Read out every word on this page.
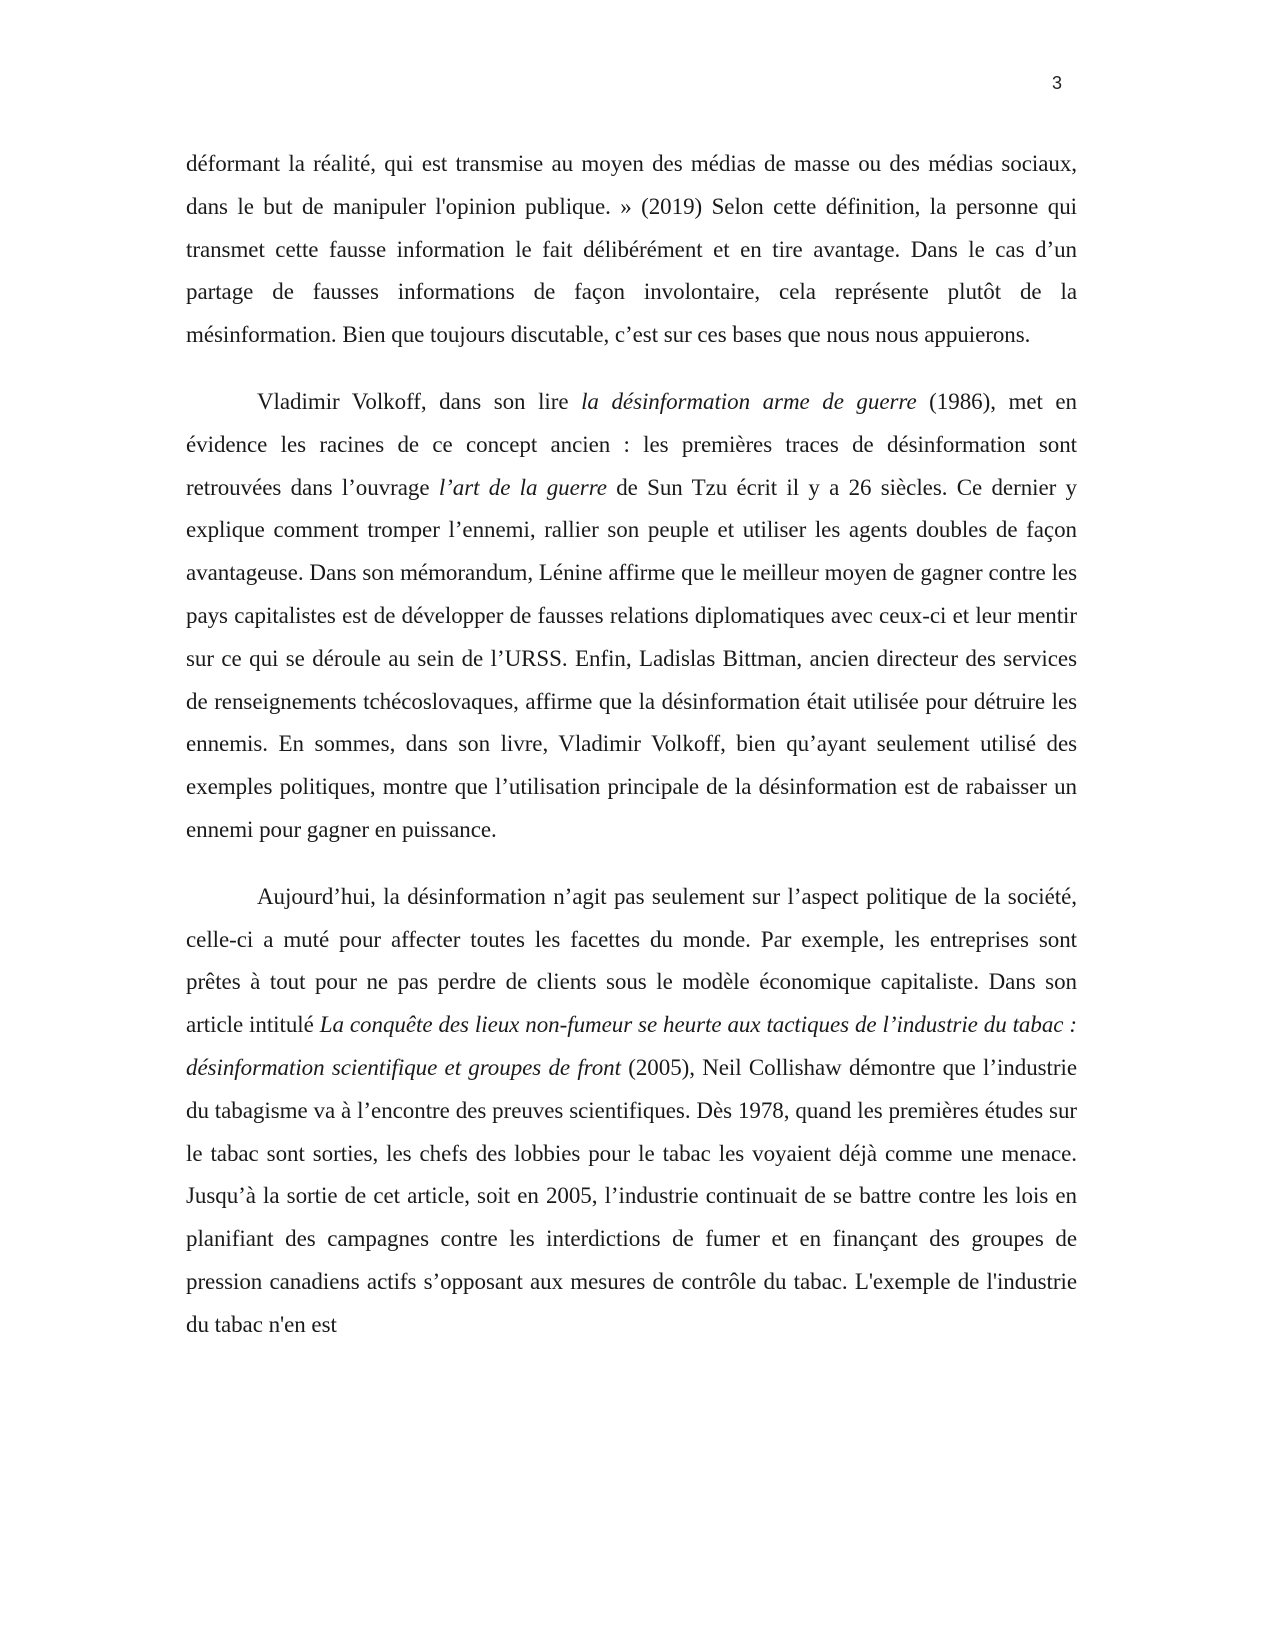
3

déformant la réalité, qui est transmise au moyen des médias de masse ou des médias sociaux, dans le but de manipuler l'opinion publique. » (2019) Selon cette définition, la personne qui transmet cette fausse information le fait délibérément et en tire avantage. Dans le cas d’un partage de fausses informations de façon involontaire, cela représente plutôt de la mésinformation. Bien que toujours discutable, c’est sur ces bases que nous nous appuierons.

Vladimir Volkoff, dans son lire la désinformation arme de guerre (1986), met en évidence les racines de ce concept ancien : les premières traces de désinformation sont retrouvées dans l’ouvrage l’art de la guerre de Sun Tzu écrit il y a 26 siècles. Ce dernier y explique comment tromper l’ennemi, rallier son peuple et utiliser les agents doubles de façon avantageuse. Dans son mémorandum, Lénine affirme que le meilleur moyen de gagner contre les pays capitalistes est de développer de fausses relations diplomatiques avec ceux-ci et leur mentir sur ce qui se déroule au sein de l’URSS. Enfin, Ladislas Bittman, ancien directeur des services de renseignements tchécoslovaques, affirme que la désinformation était utilisée pour détruire les ennemis. En sommes, dans son livre, Vladimir Volkoff, bien qu’ayant seulement utilisé des exemples politiques, montre que l’utilisation principale de la désinformation est de rabaisser un ennemi pour gagner en puissance.

Aujourd’hui, la désinformation n’agit pas seulement sur l’aspect politique de la société, celle-ci a muté pour affecter toutes les facettes du monde. Par exemple, les entreprises sont prêtes à tout pour ne pas perdre de clients sous le modèle économique capitaliste. Dans son article intitulé La conquête des lieux non-fumeur se heurte aux tactiques de l’industrie du tabac : désinformation scientifique et groupes de front (2005), Neil Collishaw démontre que l’industrie du tabagisme va à l’encontre des preuves scientifiques. Dès 1978, quand les premières études sur le tabac sont sorties, les chefs des lobbies pour le tabac les voyaient déjà comme une menace. Jusqu’à la sortie de cet article, soit en 2005, l’industrie continuait de se battre contre les lois en planifiant des campagnes contre les interdictions de fumer et en finançant des groupes de pression canadiens actifs s’opposant aux mesures de contrôle du tabac. L'exemple de l'industrie du tabac n'en est
